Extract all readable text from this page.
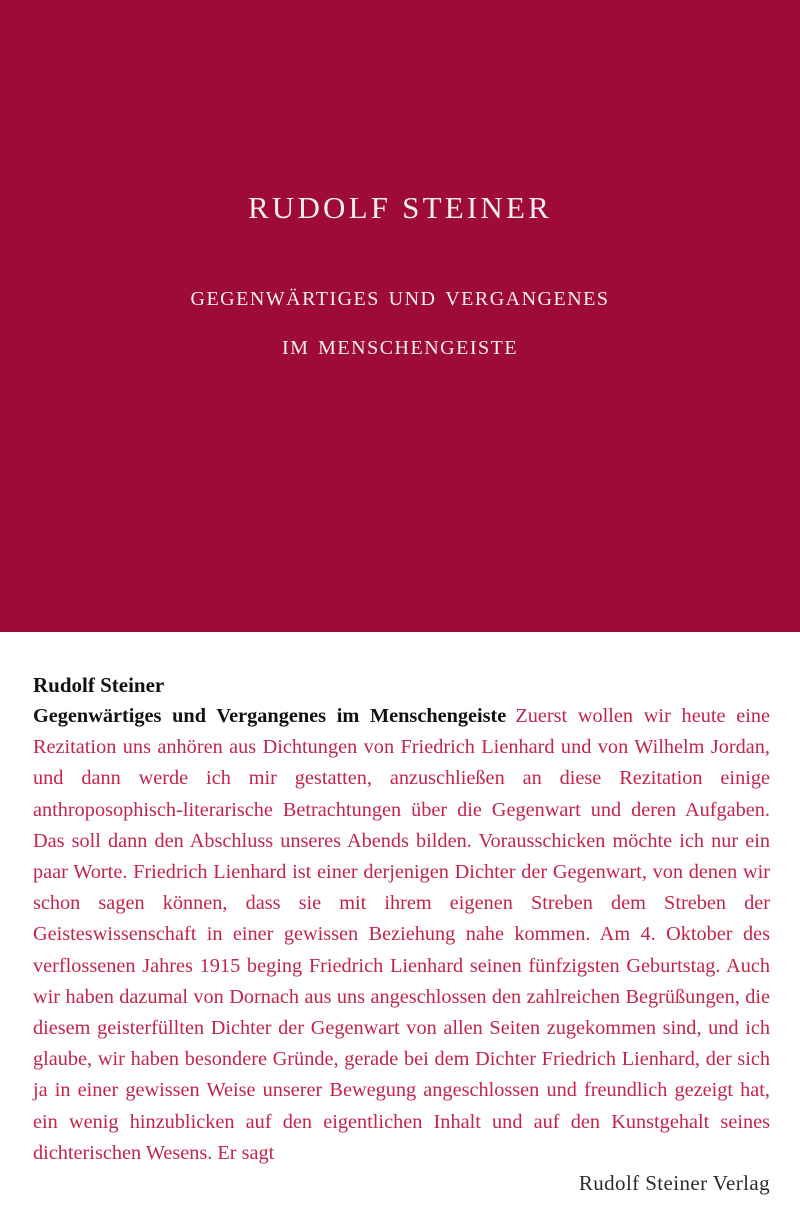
RUDOLF STEINER
gegenwärtiges und vergangenes
im menschengeiste
Rudolf Steiner
Gegenwärtiges und Vergangenes im Menschengeiste Zuerst wollen wir heute eine Rezitation uns anhören aus Dichtungen von Friedrich Lienhard und von Wilhelm Jordan, und dann werde ich mir gestatten, anzuschließen an diese Rezitation einige anthroposophisch-literarische Betrachtungen über die Gegenwart und deren Aufgaben. Das soll dann den Abschluss unseres Abends bilden. Vorausschicken möchte ich nur ein paar Worte. Friedrich Lienhard ist einer derjenigen Dichter der Gegenwart, von denen wir schon sagen können, dass sie mit ihrem eigenen Streben dem Streben der Geisteswissenschaft in einer gewissen Beziehung nahe kommen. Am 4. Oktober des verflossenen Jahres 1915 beging Friedrich Lienhard seinen fünfzigsten Geburtstag. Auch wir haben dazumal von Dornach aus uns angeschlossen den zahlreichen Begrüßungen, die diesem geisterfüllten Dichter der Gegenwart von allen Seiten zugekommen sind, und ich glaube, wir haben besondere Gründe, gerade bei dem Dichter Friedrich Lienhard, der sich ja in einer gewissen Weise unserer Bewegung angeschlossen und freundlich gezeigt hat, ein wenig hinzublicken auf den eigentlichen Inhalt und auf den Kunstgehalt seines dichterischen Wesens. Er sagt
Rudolf Steiner Verlag
